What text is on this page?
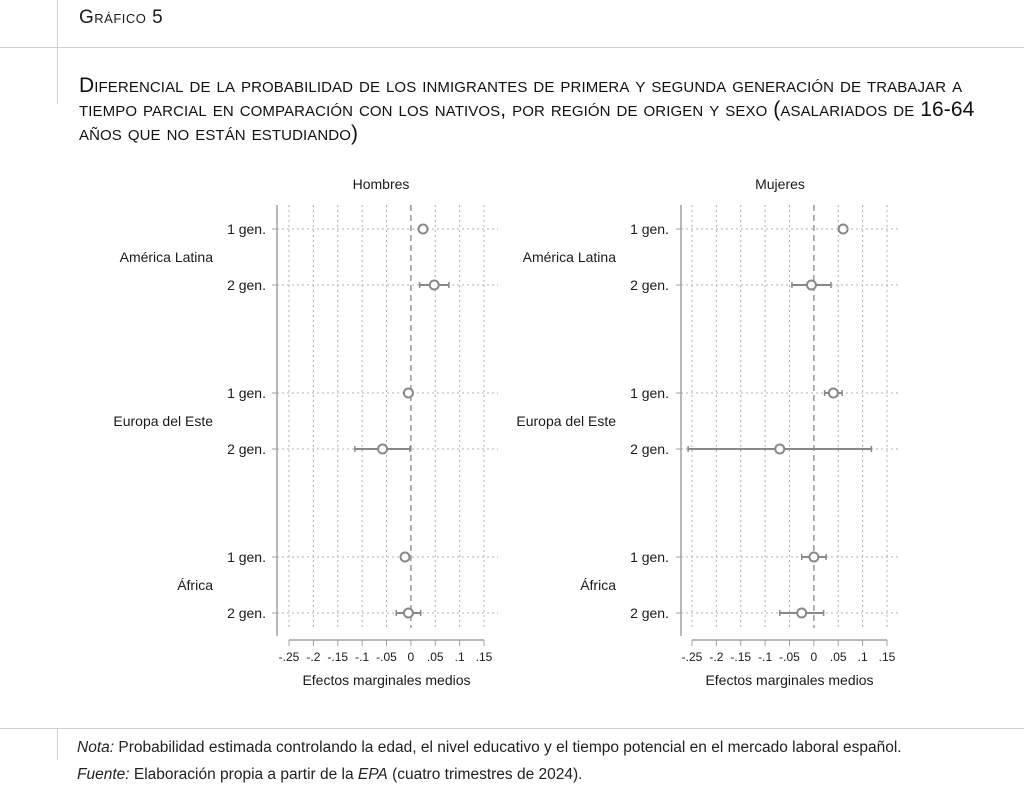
Gráfico 5
Diferencial de la probabilidad de los inmigrantes de primera y segunda generación de trabajar a tiempo parcial en comparación con los nativos, por región de origen y sexo (asalariados de 16-64 años que no están estudiando)
Hombres
-.25 -.2 -.15 -.1 -.05 0 .05 .1 .15
Efectos marginales medios
América Latina
1 gen.
2 gen.
Europa del Este
1 gen.
2 gen.
África
1 gen.
2 gen.
Mujeres
-.25 -.2 -.15 -.1 -.05 0 .05 .1 .15
Efectos marginales medios
América Latina
1 gen.
2 gen.
Europa del Este
1 gen.
2 gen.
África
1 gen.
2 gen.
Nota: Probabilidad estimada controlando la edad, el nivel educativo y el tiempo potencial en el mercado laboral español.
Fuente: Elaboración propia a partir de la EPA (cuatro trimestres de 2024).
